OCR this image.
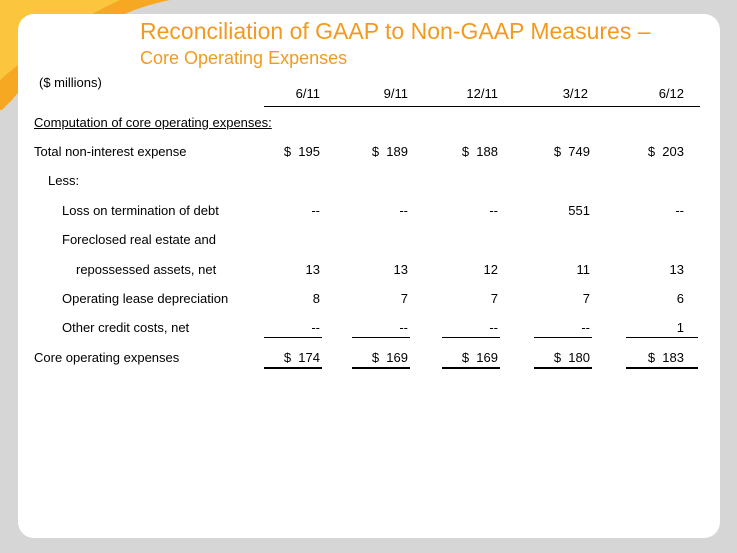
Reconciliation of GAAP to Non-GAAP Measures –
Core Operating Expenses
($ millions)
6/11	9/11	12/11	3/12	6/12
Computation of core operating expenses:
Total non-interest expense	$  195	$  189	$  188	$  749	$  203
Less:
Loss on termination of debt	--	--	--	551	--
Foreclosed real estate and
repossessed assets, net	13	13	12	11	13
Operating lease depreciation	8	7	7	7	6
Other credit costs, net	--	--	--	--	1
Core operating expenses	$  174	$  169	$  169	$  180	$  183
